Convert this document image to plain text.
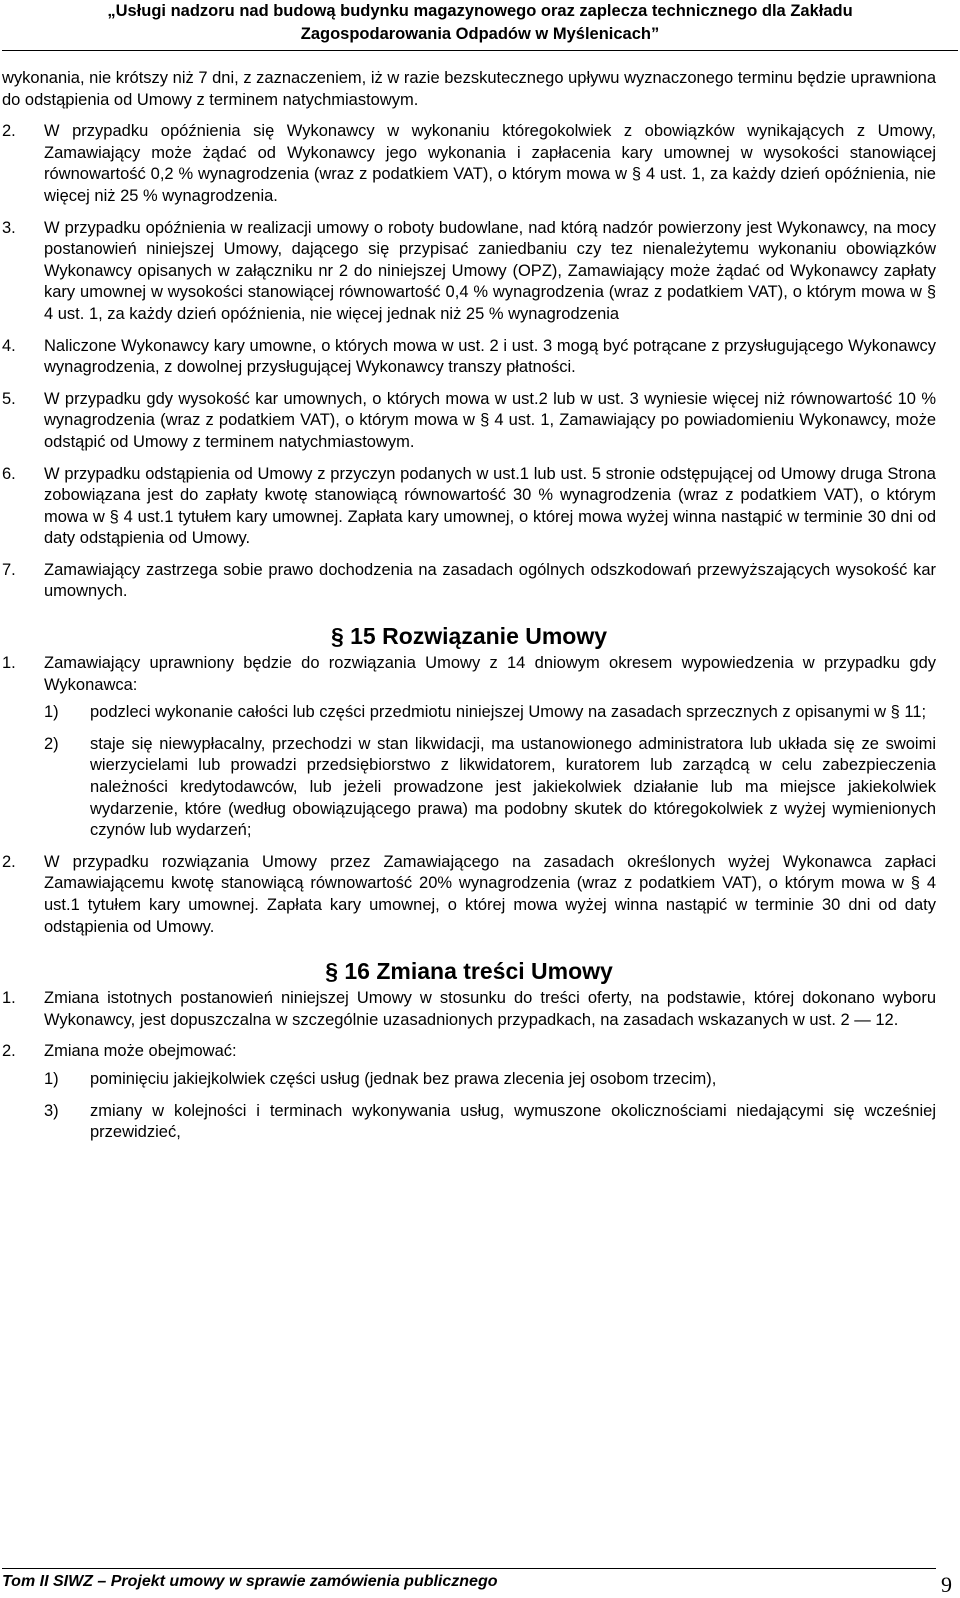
„Usługi nadzoru nad budową budynku magazynowego oraz zaplecza technicznego dla Zakładu
Zagospodarowania Odpadów w Myślenicach”

wykonania, nie krótszy niż 7 dni, z zaznaczeniem, iż w razie bezskutecznego upływu wyznaczonego terminu będzie uprawniona do odstąpienia od Umowy z terminem natychmiastowym.

2.	W przypadku opóźnienia się Wykonawcy w wykonaniu któregokolwiek z obowiązków wynikających z Umowy, Zamawiający może żądać od Wykonawcy jego wykonania i zapłacenia kary umownej w wysokości stanowiącej równowartość 0,2 % wynagrodzenia (wraz z podatkiem VAT), o którym mowa w § 4 ust. 1, za każdy dzień opóźnienia, nie więcej niż 25 % wynagrodzenia.
3.	W przypadku opóźnienia w realizacji umowy o roboty budowlane, nad którą nadzór powierzony jest Wykonawcy, na mocy postanowień niniejszej Umowy, dającego się przypisać zaniedbaniu czy tez nienależytemu wykonaniu obowiązków Wykonawcy opisanych w załączniku nr 2 do niniejszej Umowy (OPZ), Zamawiający może żądać od Wykonawcy zapłaty kary umownej w wysokości stanowiącej równowartość 0,4 % wynagrodzenia (wraz z podatkiem VAT), o którym mowa w § 4 ust. 1, za każdy dzień opóźnienia, nie więcej jednak niż 25 % wynagrodzenia
4.	Naliczone Wykonawcy kary umowne, o których mowa w ust. 2 i ust. 3 mogą być potrącane z przysługującego Wykonawcy wynagrodzenia, z dowolnej przysługującej Wykonawcy transzy płatności.
5.	W przypadku gdy wysokość kar umownych, o których mowa w ust.2 lub w ust. 3 wyniesie więcej niż równowartość 10 % wynagrodzenia (wraz z podatkiem VAT), o którym mowa w § 4 ust. 1, Zamawiający po powiadomieniu Wykonawcy, może odstąpić od Umowy z terminem natychmiastowym.
6.	W przypadku odstąpienia od Umowy z przyczyn podanych w ust.1 lub ust. 5 stronie odstępującej od Umowy druga Strona zobowiązana jest do zapłaty kwotę stanowiącą równowartość 30 % wynagrodzenia (wraz z podatkiem VAT), o którym mowa w § 4 ust.1 tytułem kary umownej. Zapłata kary umownej, o której mowa wyżej winna nastąpić w terminie 30 dni od daty odstąpienia od Umowy.
7.	Zamawiający zastrzega sobie prawo dochodzenia na zasadach ogólnych odszkodowań przewyższających wysokość kar umownych.
§ 15 Rozwiązanie Umowy
1.	Zamawiający uprawniony będzie do rozwiązania Umowy z 14 dniowym okresem wypowiedzenia w przypadku gdy Wykonawca:
1)	podzleci wykonanie całości lub części przedmiotu niniejszej Umowy na zasadach sprzecznych z opisanymi w § 11;
2)	staje się niewypłacalny, przechodzi w stan likwidacji, ma ustanowionego administratora lub układa się ze swoimi wierzycielami lub prowadzi przedsiębiorstwo z likwidatorem, kuratorem lub zarządcą w celu zabezpieczenia należności kredytodawców, lub jeżeli prowadzone jest jakiekolwiek działanie lub ma miejsce jakiekolwiek wydarzenie, które (według obowiązującego prawa) ma podobny skutek do któregokolwiek z wyżej wymienionych czynów lub wydarzeń;
2.	W przypadku rozwiązania Umowy przez Zamawiającego na zasadach określonych wyżej Wykonawca zapłaci Zamawiającemu kwotę stanowiącą równowartość 20% wynagrodzenia (wraz z podatkiem VAT), o którym mowa w § 4 ust.1 tytułem kary umownej. Zapłata kary umownej, o której mowa wyżej winna nastąpić w terminie 30 dni od daty odstąpienia od Umowy.
§ 16 Zmiana treści Umowy
1.	Zmiana istotnych postanowień niniejszej Umowy w stosunku do treści oferty, na podstawie, której dokonano wyboru Wykonawcy, jest dopuszczalna w szczególnie uzasadnionych przypadkach, na zasadach wskazanych w ust. 2 — 12.
2.	Zmiana może obejmować:
1)	pominięciu jakiejkolwiek części usług (jednak bez prawa zlecenia jej osobom trzecim),
3)	zmiany w kolejności i terminach wykonywania usług, wymuszone okolicznościami niedającymi się wcześniej przewidzieć,
Tom II SIWZ – Projekt umowy w sprawie zamówienia publicznego	9
